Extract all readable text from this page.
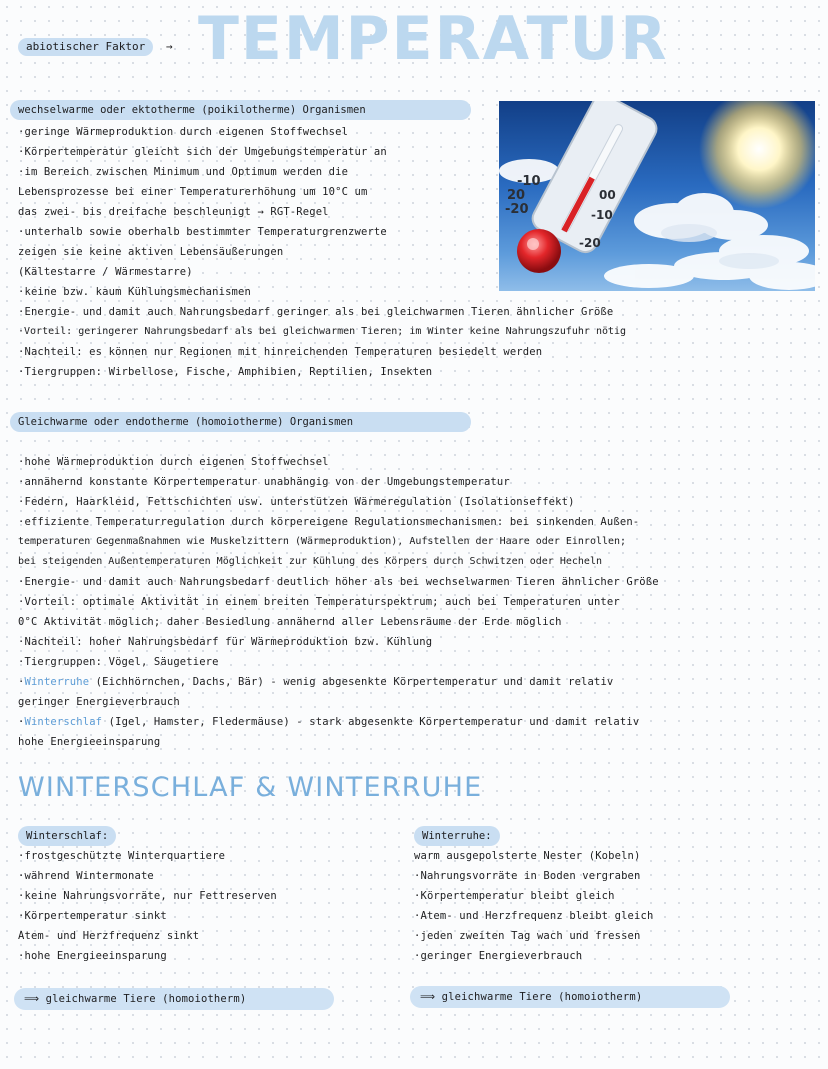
TEMPERATUR
abiotischer Faktor →
wechselwarme oder ektotherme (poikilotherme) Organismen
·geringe Wärmeproduktion durch eigenen Stoffwechsel
·Körpertemperatur gleicht sich der Umgebungstemperatur an
·im Bereich zwischen Minimum und Optimum werden die
Lebensprozesse bei einer Temperaturerhöhung um 10°C um
das zwei- bis dreifache beschleunigt → RGT-Regel
·unterhalb sowie oberhalb bestimmter Temperaturgrenzwerte
zeigen sie keine aktiven Lebensäußerungen
(Kältestarre / Wärmestarre)
·keine bzw. kaum Kühlungsmechanismen
·Energie- und damit auch Nahrungsbedarf geringer als bei gleichwarmen Tieren ähnlicher Größe
·Vorteil: geringerer Nahrungsbedarf als bei gleichwarmen Tieren; im Winter keine Nahrungszufuhr nötig
·Nachteil: es können nur Regionen mit hinreichenden Temperaturen besiedelt werden
·Tiergruppen: Wirbellose, Fische, Amphibien, Reptilien, Insekten
20
-10
-20
00
-10
-20
Gleichwarme oder endotherme (homoiotherme) Organismen
·hohe Wärmeproduktion durch eigenen Stoffwechsel
·annähernd konstante Körpertemperatur unabhängig von der Umgebungstemperatur
·Federn, Haarkleid, Fettschichten usw. unterstützen Wärmeregulation (Isolationseffekt)
·effiziente Temperaturregulation durch körpereigene Regulationsmechanismen: bei sinkenden Außen-
temperaturen Gegenmaßnahmen wie Muskelzittern (Wärmeproduktion), Aufstellen der Haare oder Einrollen;
bei steigenden Außentemperaturen Möglichkeit zur Kühlung des Körpers durch Schwitzen oder Hecheln
·Energie- und damit auch Nahrungsbedarf deutlich höher als bei wechselwarmen Tieren ähnlicher Größe
·Vorteil: optimale Aktivität in einem breiten Temperaturspektrum; auch bei Temperaturen unter
0°C Aktivität möglich; daher Besiedlung annähernd aller Lebensräume der Erde möglich
·Nachteil: hoher Nahrungsbedarf für Wärmeproduktion bzw. Kühlung
·Tiergruppen: Vögel, Säugetiere
·Winterruhe (Eichhörnchen, Dachs, Bär) - wenig abgesenkte Körpertemperatur und damit relativ
geringer Energieverbrauch
·Winterschlaf (Igel, Hamster, Fledermäuse) - stark abgesenkte Körpertemperatur und damit relativ
hohe Energieeinsparung
WINTERSCHLAF & WINTERRUHE
Winterschlaf:
·frostgeschützte Winterquartiere
·während Wintermonate
·keine Nahrungsvorräte, nur Fettreserven
·Körpertemperatur sinkt
Atem- und Herzfrequenz sinkt
·hohe Energieeinsparung
⟹ gleichwarme Tiere (homoiotherm)
Winterruhe:
warm ausgepolsterte Nester (Kobeln)
·Nahrungsvorräte in Boden vergraben
·Körpertemperatur bleibt gleich
·Atem- und Herzfrequenz bleibt gleich
·jeden zweiten Tag wach und fressen
·geringer Energieverbrauch
⟹ gleichwarme Tiere (homoiotherm)
